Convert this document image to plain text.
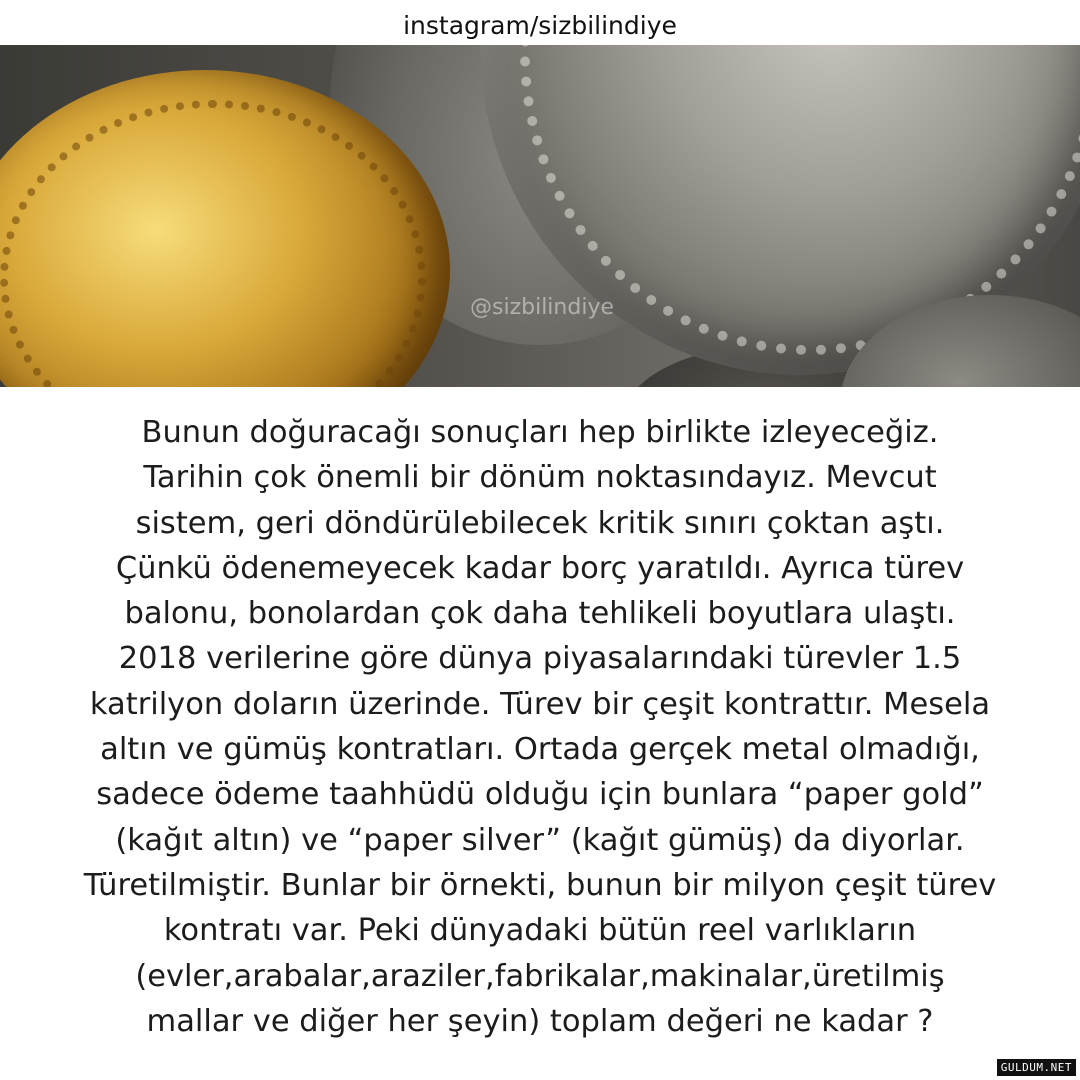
instagram/sizbilindiye
@sizbilindiye

Bunun doğuracağı sonuçları hep birlikte izleyeceğiz.
Tarihin çok önemli bir dönüm noktasındayız. Mevcut
sistem, geri döndürülebilecek kritik sınırı çoktan aştı.
Çünkü ödenemeyecek kadar borç yaratıldı. Ayrıca türev
balonu, bonolardan çok daha tehlikeli boyutlara ulaştı.
2018 verilerine göre dünya piyasalarındaki türevler 1.5
katrilyon doların üzerinde. Türev bir çeşit kontrattır. Mesela
altın ve gümüş kontratları. Ortada gerçek metal olmadığı,
sadece ödeme taahhüdü olduğu için bunlara “paper gold”
(kağıt altın) ve “paper silver” (kağıt gümüş) da diyorlar.
Türetilmiştir. Bunlar bir örnekti, bunun bir milyon çeşit türev
kontratı var. Peki dünyadaki bütün reel varlıkların
(evler,arabalar,araziler,fabrikalar,makinalar,üretilmiş
mallar ve diğer her şeyin) toplam değeri ne kadar ?

GULDUM.NET
